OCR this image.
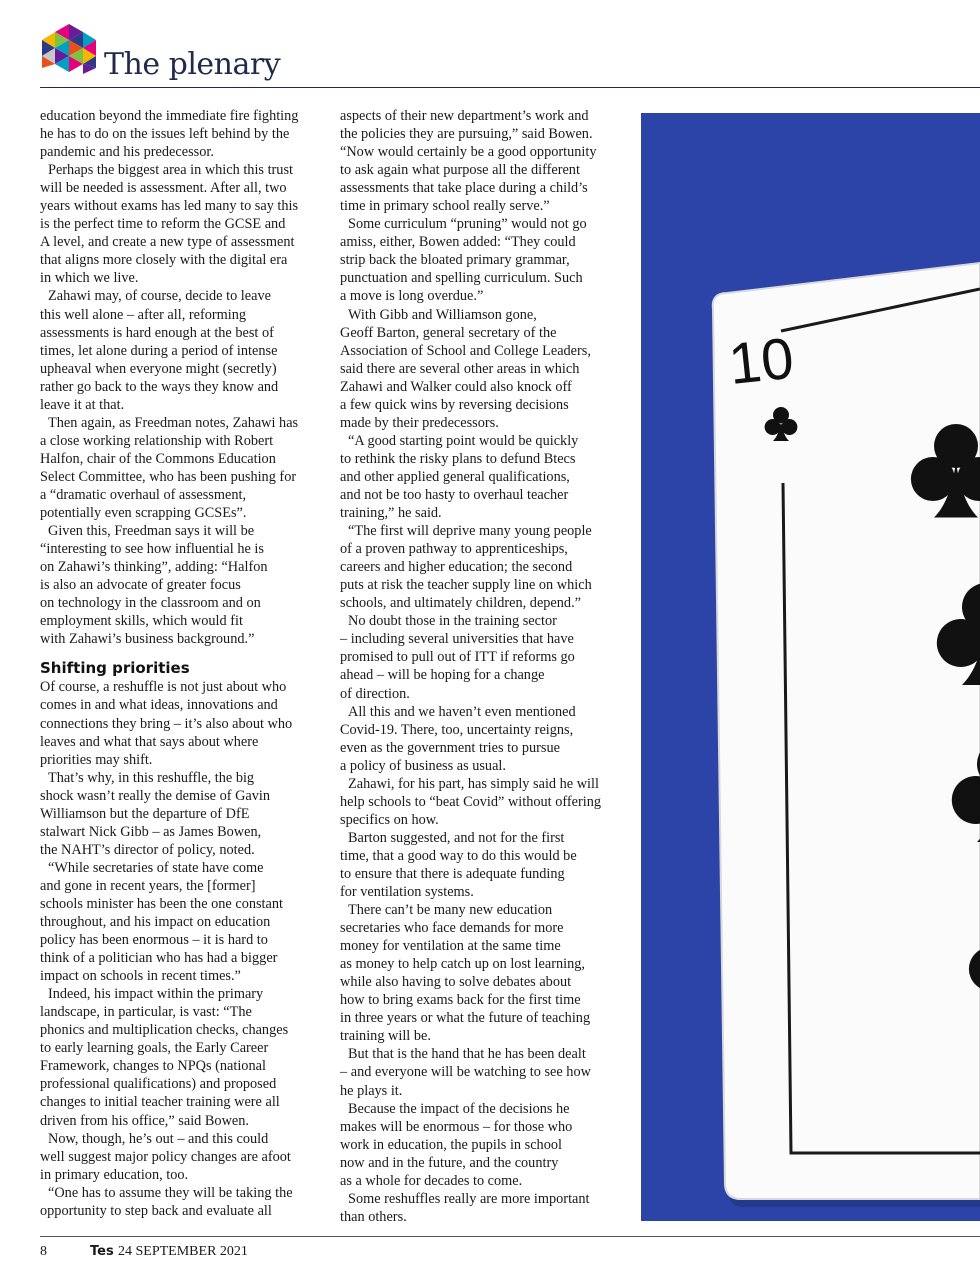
The plenary

education beyond the immediate fire fighting
he has to do on the issues left behind by the
pandemic and his predecessor.

Perhaps the biggest area in which this trust
will be needed is assessment. After all, two
years without exams has led many to say this
is the perfect time to reform the GCSE and
A level, and create a new type of assessment
that aligns more closely with the digital era
in which we live.

Zahawi may, of course, decide to leave
this well alone – after all, reforming
assessments is hard enough at the best of
times, let alone during a period of intense
upheaval when everyone might (secretly)
rather go back to the ways they know and
leave it at that.

Then again, as Freedman notes, Zahawi has
a close working relationship with Robert
Halfon, chair of the Commons Education
Select Committee, who has been pushing for
a “dramatic overhaul of assessment,
potentially even scrapping GCSEs”.

Given this, Freedman says it will be
“interesting to see how influential he is
on Zahawi’s thinking”, adding: “Halfon
is also an advocate of greater focus
on technology in the classroom and on
employment skills, which would fit
with Zahawi’s business background.”

Shifting priorities

Of course, a reshuffle is not just about who
comes in and what ideas, innovations and
connections they bring – it’s also about who
leaves and what that says about where
priorities may shift.

That’s why, in this reshuffle, the big
shock wasn’t really the demise of Gavin
Williamson but the departure of DfE
stalwart Nick Gibb – as James Bowen,
the NAHT’s director of policy, noted.

“While secretaries of state have come
and gone in recent years, the [former]
schools minister has been the one constant
throughout, and his impact on education
policy has been enormous – it is hard to
think of a politician who has had a bigger
impact on schools in recent times.”

Indeed, his impact within the primary
landscape, in particular, is vast: “The
phonics and multiplication checks, changes
to early learning goals, the Early Career
Framework, changes to NPQs (national
professional qualifications) and proposed
changes to initial teacher training were all
driven from his office,” said Bowen.

Now, though, he’s out – and this could
well suggest major policy changes are afoot
in primary education, too.

“One has to assume they will be taking the
opportunity to step back and evaluate all

aspects of their new department’s work and
the policies they are pursuing,” said Bowen.
“Now would certainly be a good opportunity
to ask again what purpose all the different
assessments that take place during a child’s
time in primary school really serve.”

Some curriculum “pruning” would not go
amiss, either, Bowen added: “They could
strip back the bloated primary grammar,
punctuation and spelling curriculum. Such
a move is long overdue.”

With Gibb and Williamson gone,
Geoff Barton, general secretary of the
Association of School and College Leaders,
said there are several other areas in which
Zahawi and Walker could also knock off
a few quick wins by reversing decisions
made by their predecessors.

“A good starting point would be quickly
to rethink the risky plans to defund Btecs
and other applied general qualifications,
and not be too hasty to overhaul teacher
training,” he said.

“The first will deprive many young people
of a proven pathway to apprenticeships,
careers and higher education; the second
puts at risk the teacher supply line on which
schools, and ultimately children, depend.”

No doubt those in the training sector
– including several universities that have
promised to pull out of ITT if reforms go
ahead – will be hoping for a change
of direction.

All this and we haven’t even mentioned
Covid-19. There, too, uncertainty reigns,
even as the government tries to pursue
a policy of business as usual.

Zahawi, for his part, has simply said he will
help schools to “beat Covid” without offering
specifics on how.

Barton suggested, and not for the first
time, that a good way to do this would be
to ensure that there is adequate funding
for ventilation systems.

There can’t be many new education
secretaries who face demands for more
money for ventilation at the same time
as money to help catch up on lost learning,
while also having to solve debates about
how to bring exams back for the first time
in three years or what the future of teaching
training will be.

But that is the hand that he has been dealt
– and everyone will be watching to see how
he plays it.

Because the impact of the decisions he
makes will be enormous – for those who
work in education, the pupils in school
now and in the future, and the country
as a whole for decades to come.

Some reshuffles really are more important
than others.

10
8	Tes 24 SEPTEMBER 2021
